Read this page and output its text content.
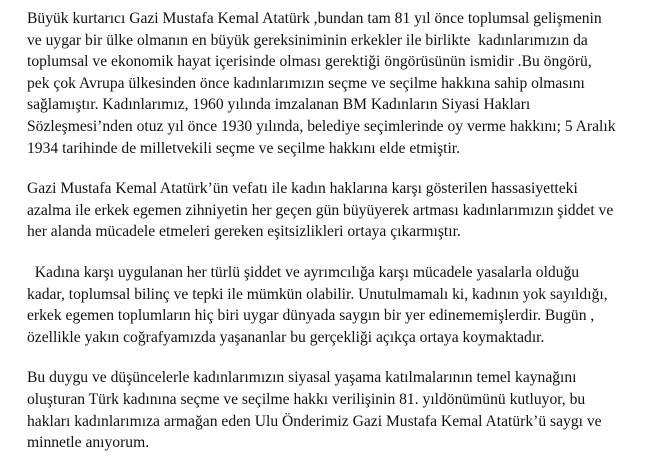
Büyük kurtarıcı Gazi Mustafa Kemal Atatürk ,bundan tam 81 yıl önce toplumsal gelişmenin
ve uygar bir ülke olmanın en büyük gereksiniminin erkekler ile birlikte  kadınlarımızın da
toplumsal ve ekonomik hayat içerisinde olması gerektiği öngörüsünün ismidir .Bu öngörü,
pek çok Avrupa ülkesinden önce kadınlarımızın seçme ve seçilme hakkına sahip olmasını
sağlamıştır. Kadınlarımız, 1960 yılında imzalanan BM Kadınların Siyasi Hakları
Sözleşmesi’nden otuz yıl önce 1930 yılında, belediye seçimlerinde oy verme hakkını; 5 Aralık
1934 tarihinde de milletvekili seçme ve seçilme hakkını elde etmiştir.

Gazi Mustafa Kemal Atatürk’ün vefatı ile kadın haklarına karşı gösterilen hassasiyetteki
azalma ile erkek egemen zihniyetin her geçen gün büyüyerek artması kadınlarımızın şiddet ve
her alanda mücadele etmeleri gereken eşitsizlikleri ortaya çıkarmıştır.

Kadına karşı uygulanan her türlü şiddet ve ayrımcılığa karşı mücadele yasalarla olduğu
kadar, toplumsal bilinç ve tepki ile mümkün olabilir. Unutulmamalı ki, kadının yok sayıldığı,
erkek egemen toplumların hiç biri uygar dünyada saygın bir yer edinememişlerdir. Bugün ,
özellikle yakın coğrafyamızda yaşananlar bu gerçekliği açıkça ortaya koymaktadır.

Bu duygu ve düşüncelerle kadınlarımızın siyasal yaşama katılmalarının temel kaynağını
oluşturan Türk kadınına seçme ve seçilme hakkı verilişinin 81. yıldönümünü kutluyor, bu
hakları kadınlarımıza armağan eden Ulu Önderimiz Gazi Mustafa Kemal Atatürk’ü saygı ve
minnetle anıyorum.
